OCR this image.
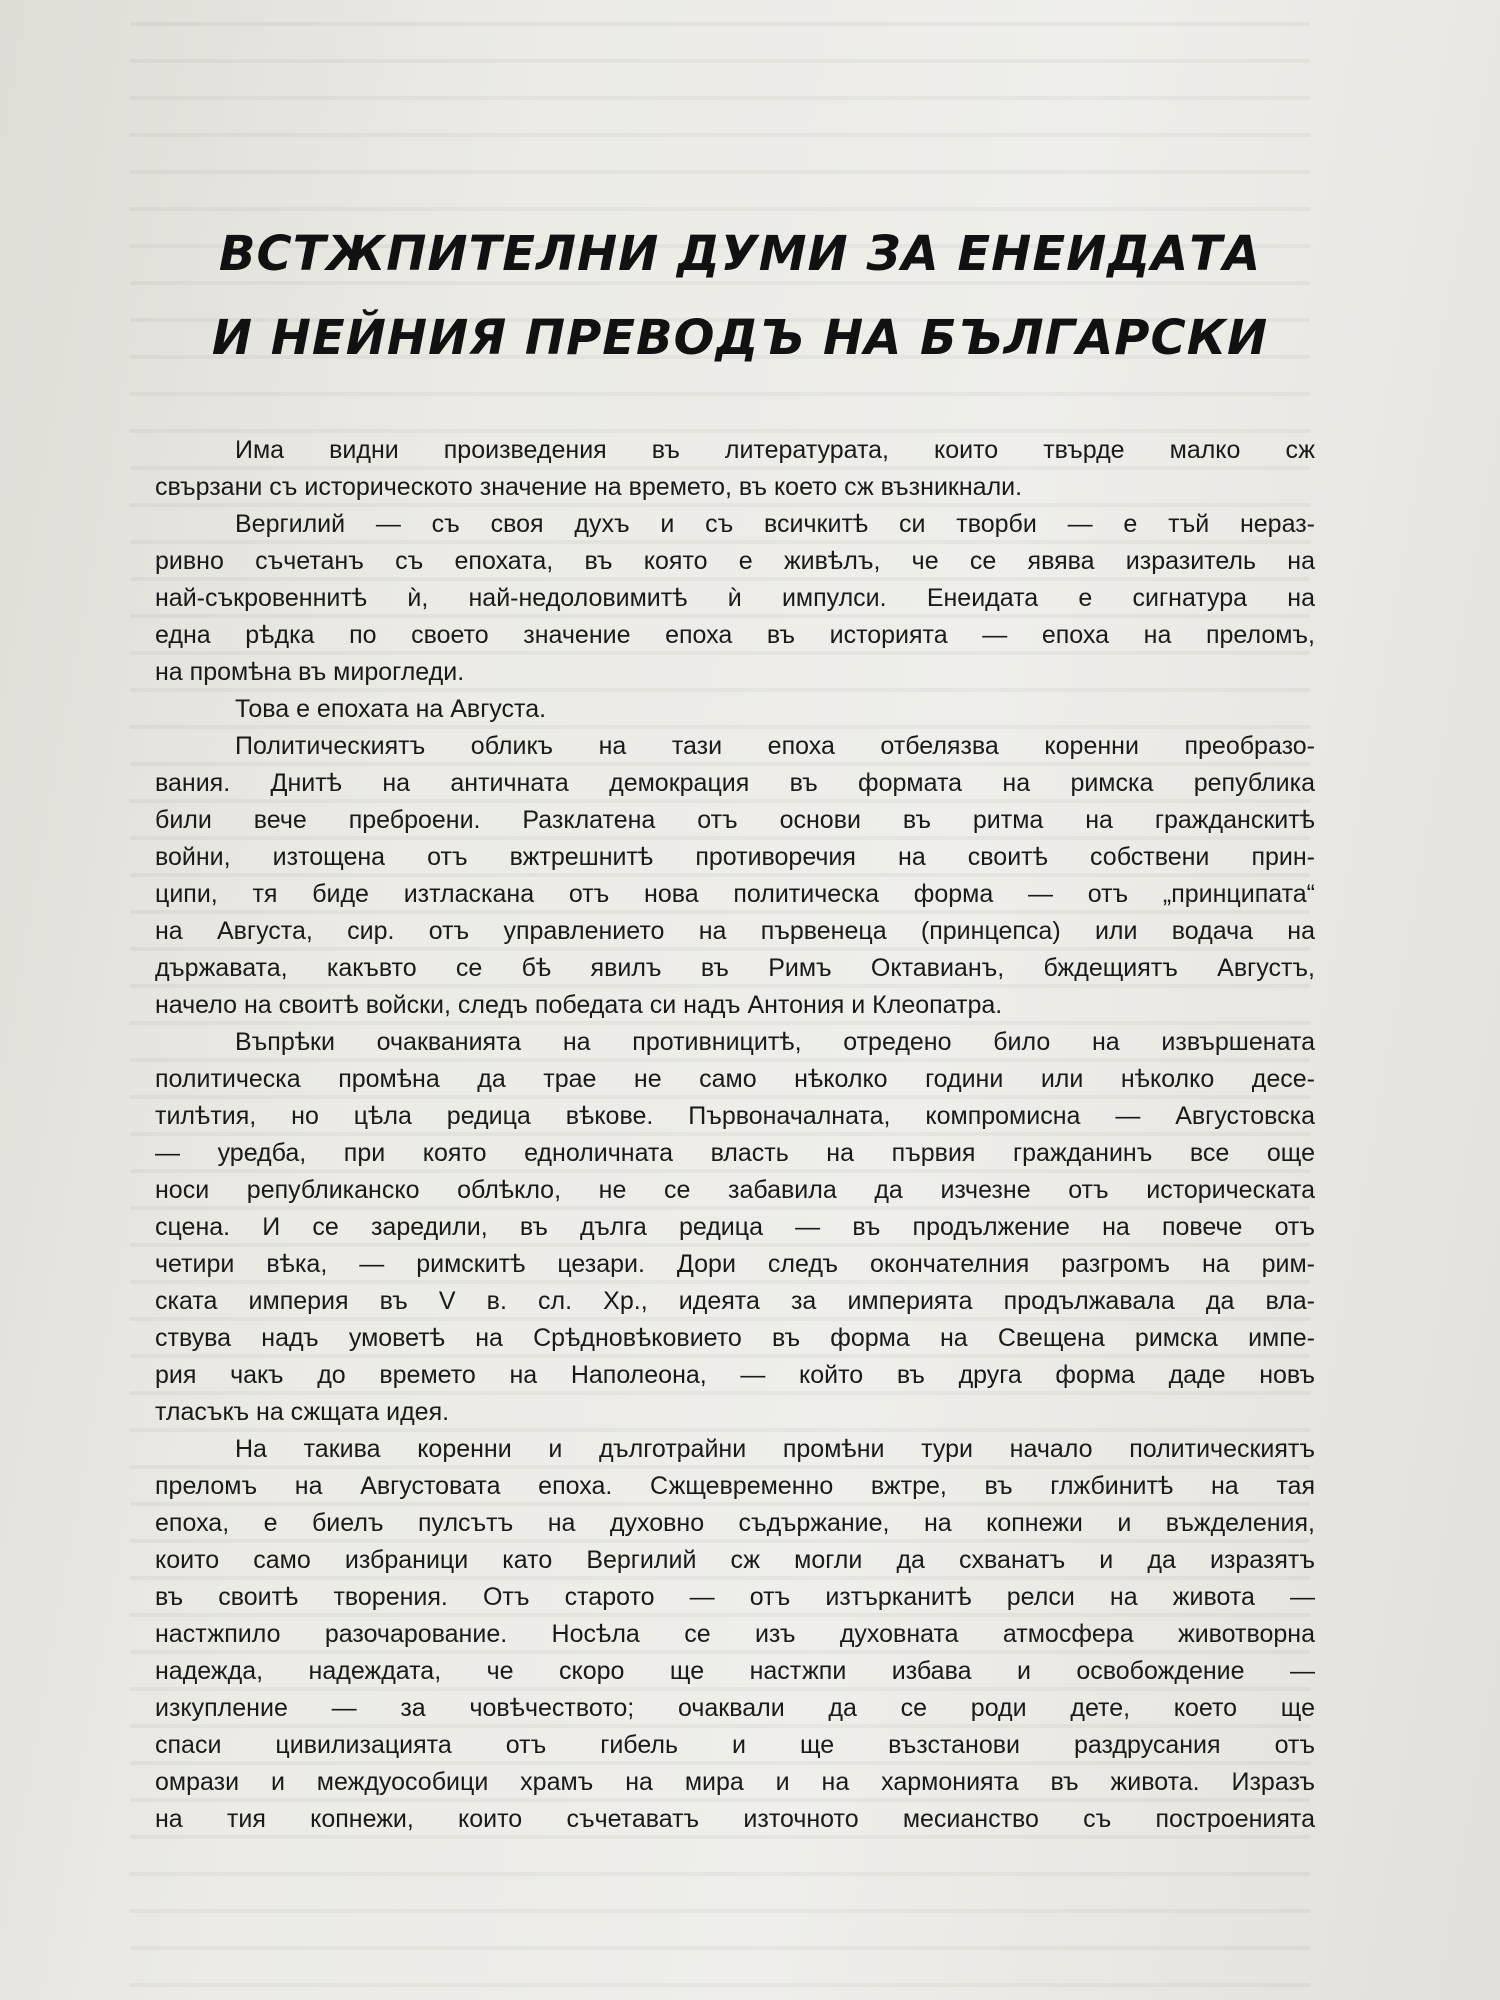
ВСТЖПИТЕЛНИ ДУМИ ЗА ЕНЕИДАТА
И НЕЙНИЯ ПРЕВОДЪ НА БЪЛГАРСКИ
Има видни произведения въ литературата, които твърде малко сж
свързани съ историческото значение на времето, въ което сж възникнали.
Вергилий — съ своя духъ и съ всичкитѣ си творби — е тъй нераз-
ривно съчетанъ съ епохата, въ която е живѣлъ, че се явява изразитель на
най-съкровеннитѣ ѝ, най-недоловимитѣ ѝ импулси. Енеидата е сигнатура на
една рѣдка по своето значение епоха въ историята — епоха на преломъ,
на промѣна въ мирогледи.
Това е епохата на Августа.
Политическиятъ обликъ на тази епоха отбелязва коренни преобразо-
вания. Днитѣ на античната демокрация въ формата на римска република
били вече преброени. Разклатена отъ основи въ ритма на гражданскитѣ
войни, изтощена отъ вжтрешнитѣ противоречия на своитѣ собствени прин-
ципи, тя биде изтласкана отъ нова политическа форма — отъ „принципата“
на Августа, сир. отъ управлението на първенеца (принцепса) или водача на
държавата, какъвто се бѣ явилъ въ Римъ Октавианъ, бждещиятъ Августъ,
начело на своитѣ войски, следъ победата си надъ Антония и Клеопатра.
Въпрѣки очакванията на противницитѣ, отредено било на извършената
политическа промѣна да трае не само нѣколко години или нѣколко десе-
тилѣтия, но цѣла редица вѣкове. Първоначалната, компромисна — Августовска
— уредба, при която едноличната власть на първия гражданинъ все още
носи републиканско облѣкло, не се забавила да изчезне отъ историческата
сцена. И се заредили, въ дълга редица — въ продължение на повече отъ
четири вѣка, — римскитѣ цезари. Дори следъ окончателния разгромъ на рим-
ската империя въ V в. сл. Хр., идеята за империята продължавала да вла-
ствува надъ умоветѣ на Срѣдновѣковието въ форма на Свещена римска импе-
рия чакъ до времето на Наполеона, — който въ друга форма даде новъ
тласъкъ на сжщата идея.
На такива коренни и дълготрайни промѣни тури начало политическиятъ
преломъ на Августовата епоха. Сжщевременно вжтре, въ глжбинитѣ на тая
епоха, е биелъ пулсътъ на духовно съдържание, на копнежи и въжделения,
които само избраници като Вергилий сж могли да схванатъ и да изразятъ
въ своитѣ творения. Отъ старото — отъ изтърканитѣ релси на живота —
настжпило разочарование. Носѣла се изъ духовната атмосфера животворна
надежда, надеждата, че скоро ще настжпи избава и освобождение —
изкупление — за човѣчеството; очаквали да се роди дете, което ще
спаси цивилизацията отъ гибель и ще възстанови раздрусания отъ
омрази и междуособици храмъ на мира и на хармонията въ живота. Изразъ
на тия копнежи, които съчетаватъ източното месианство съ построенията
